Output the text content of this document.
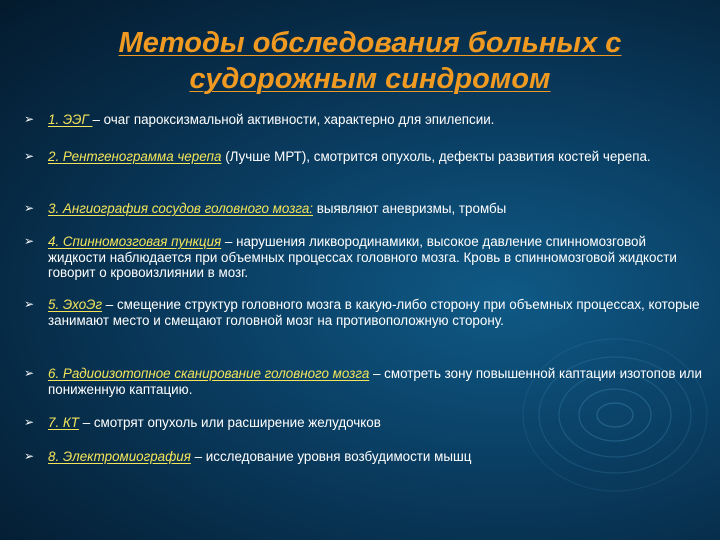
Методы обследования больных с судорожным синдромом
➢	1. ЭЭГ – очаг пароксизмальной активности, характерно для эпилепсии.
➢	2. Рентгенограмма черепа (Лучше МРТ), смотрится опухоль, дефекты развития костей черепа.
➢	3. Ангиография сосудов головного мозга: выявляют аневризмы, тромбы
➢	4. Спинномозговая пункция – нарушения ликвородинамики, высокое давление спинномозговой жидкости наблюдается при объемных процессах головного мозга. Кровь в спинномозговой жидкости говорит о кровоизлиянии в мозг.
➢	5. ЭхоЭг – смещение структур головного мозга в какую-либо сторону при объемных процессах, которые занимают место и смещают головной мозг на противоположную сторону.
➢	6. Радиоизотопное сканирование головного мозга – смотреть зону повышенной каптации изотопов или пониженную каптацию.
➢	7. КТ – смотрят опухоль или расширение желудочков
➢	8. Электромиография – исследование уровня возбудимости мышц
